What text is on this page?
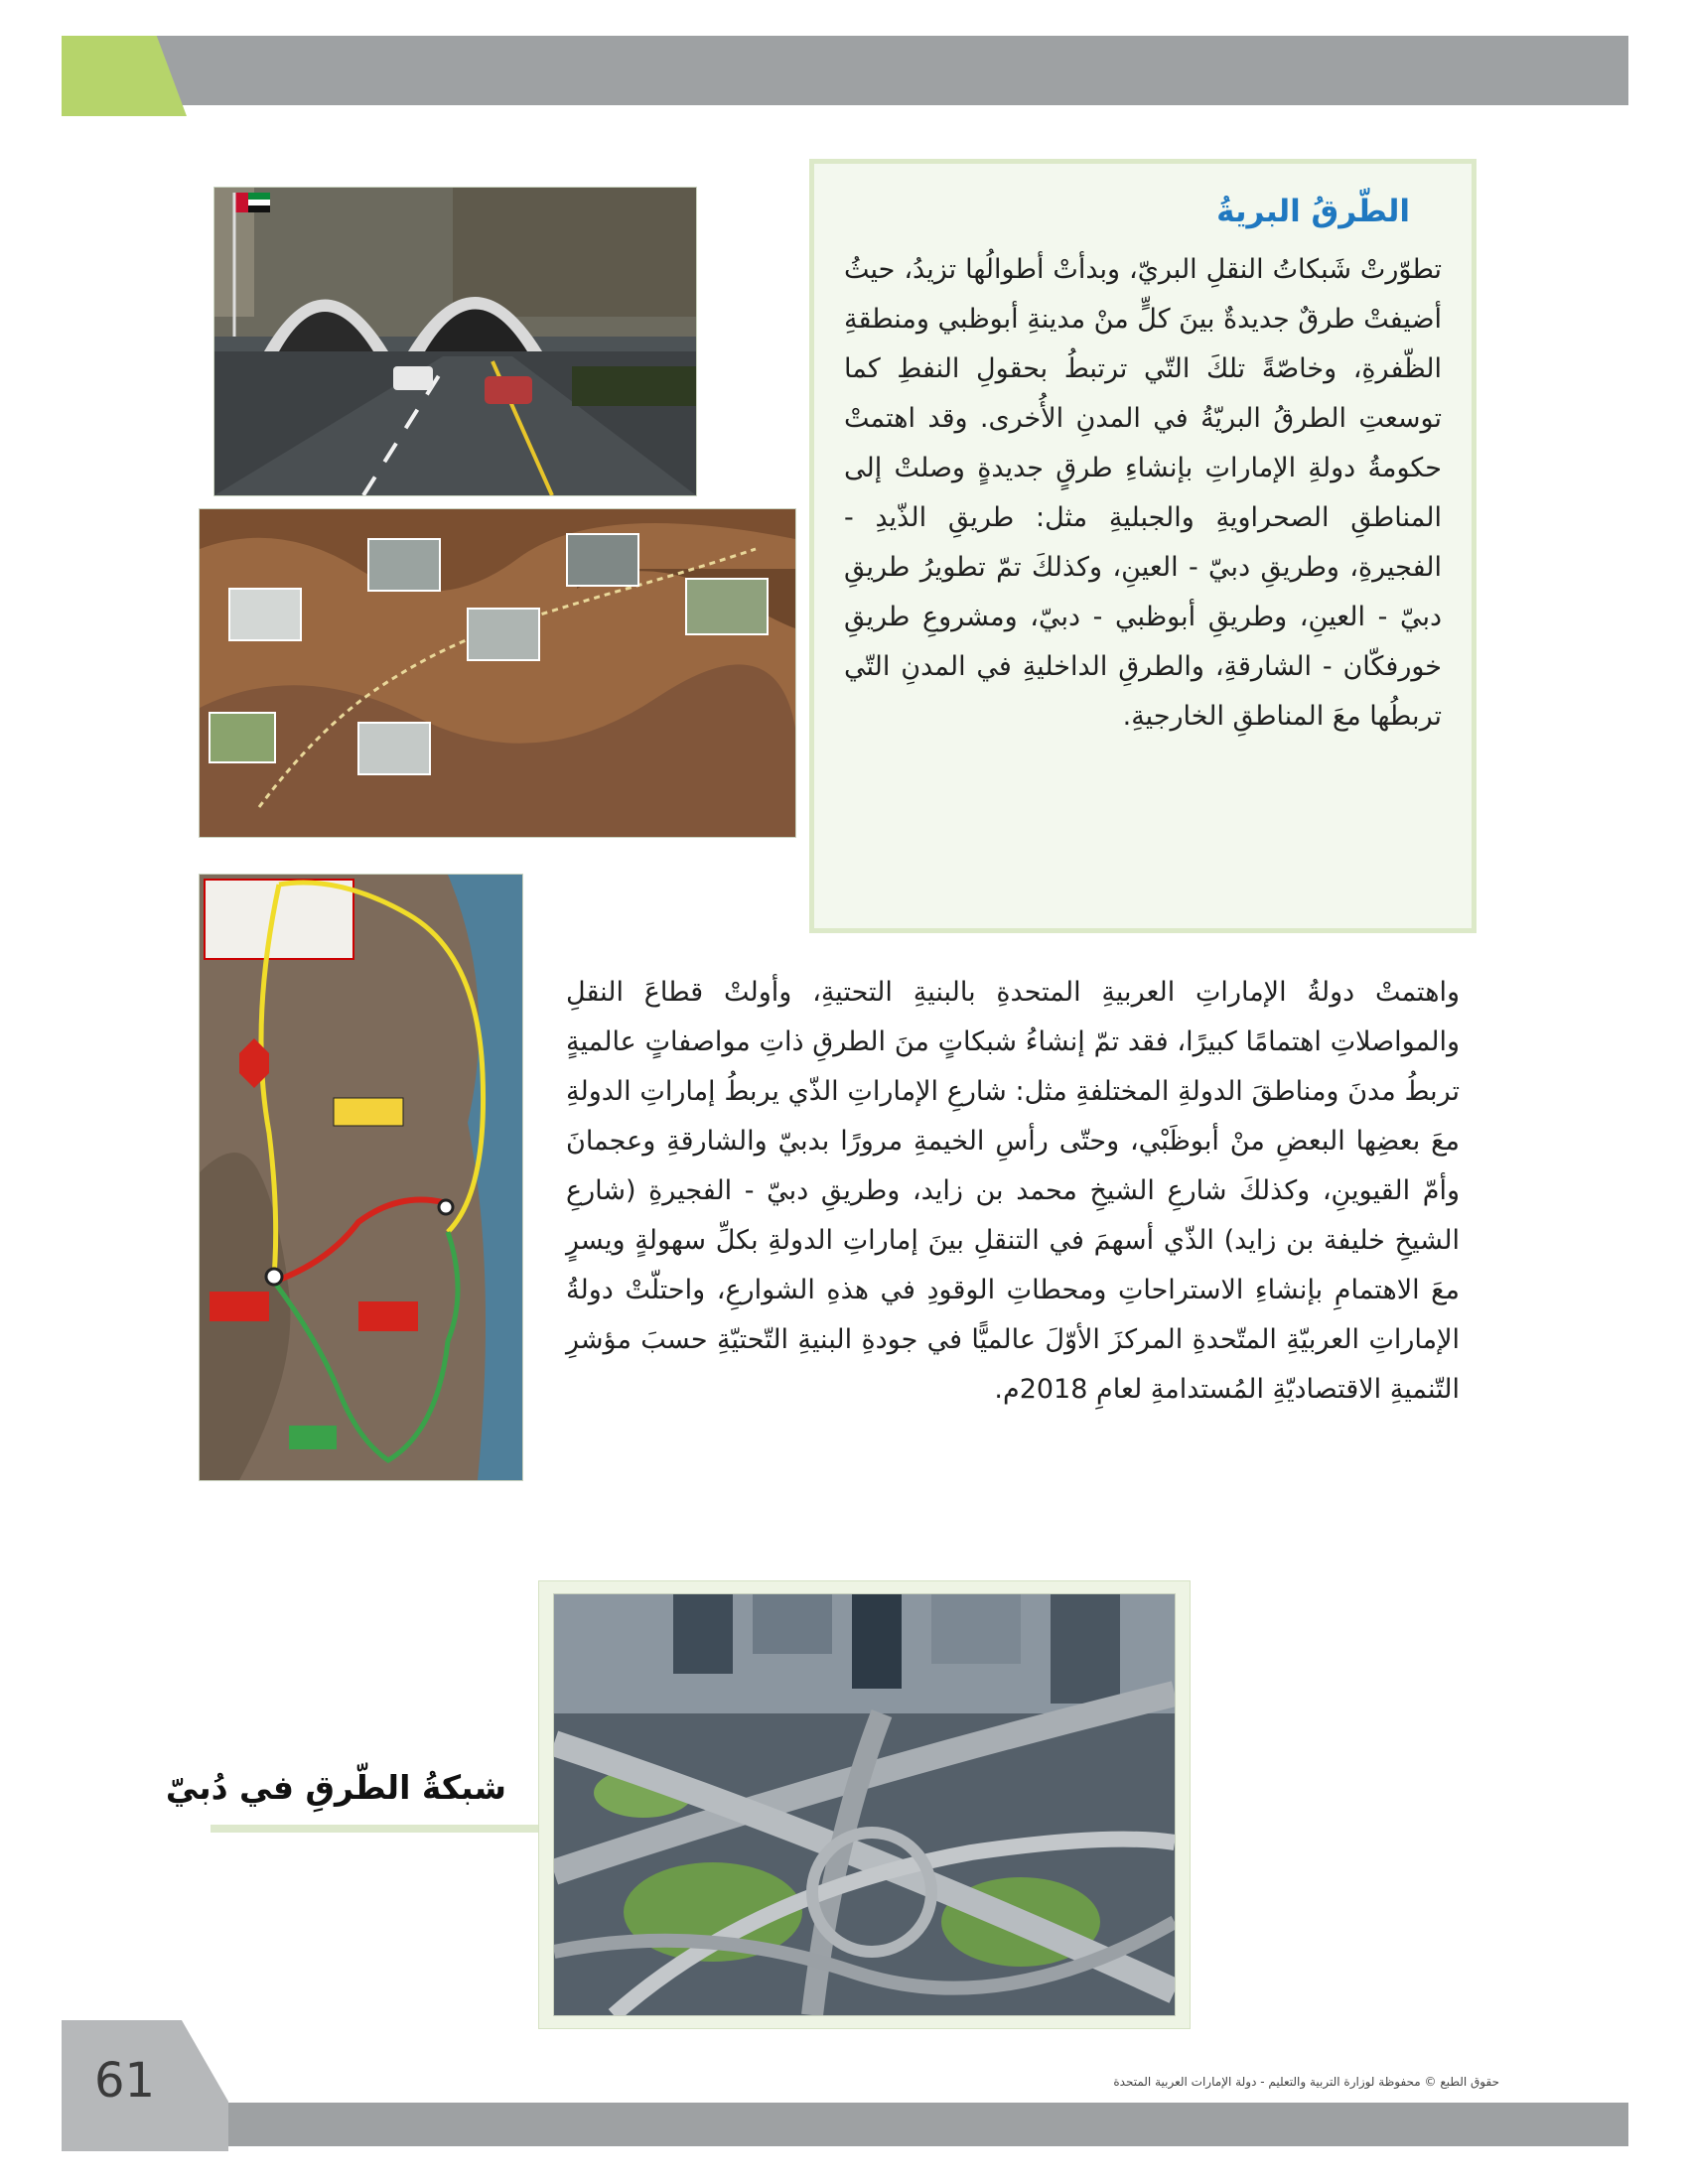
الطّرقُ البريةُ
تطوّرتْ شَبكاتُ النقلِ البريّ، وبدأتْ أطوالُها تزيدُ، حيثُ أضيفتْ طرقٌ جديدةٌ بينَ كلٍّ منْ مدينةِ أبوظبي ومنطقةِ الظّفرةِ، وخاصّةً تلكَ التّي ترتبطُ بحقولِ النفطِ كما توسعتِ الطرقُ البريّةُ في المدنِ الأُخرى. وقد اهتمتْ حكومةُ دولةِ الإماراتِ بإنشاءِ طرقٍ جديدةٍ وصلتْ إلى المناطقِ الصحراويةِ والجبليةِ مثل: طريقِ الذّيدِ - الفجيرةِ، وطريقِ دبيّ - العينِ، وكذلكَ تمّ تطويرُ طريقِ دبيّ - العينِ، وطريقِ أبوظبي - دبيّ، ومشروعِ طريقِ خورفكّان - الشارقةِ، والطرقِ الداخليةِ في المدنِ التّي تربطُها معَ المناطقِ الخارجيةِ.
واهتمتْ دولةُ الإماراتِ العربيةِ المتحدةِ بالبنيةِ التحتيةِ، وأولتْ قطاعَ النقلِ والمواصلاتِ اهتمامًا كبيرًا، فقد تمّ إنشاءُ شبكاتٍ منَ الطرقِ ذاتِ مواصفاتٍ عالميةٍ تربطُ مدنَ ومناطقَ الدولةِ المختلفةِ مثل: شارعِ الإماراتِ الذّي يربطُ إماراتِ الدولةِ معَ بعضِها البعضِ منْ أبوظَبْي، وحتّى رأسِ الخيمةِ مرورًا بدبيّ والشارقةِ وعجمانَ وأمّ القيوينِ، وكذلكَ شارعِ الشيخِ محمد بن زايد، وطريقِ دبيّ - الفجيرةِ (شارعِ الشيخِ خليفة بن زايد) الذّي أسهمَ في التنقلِ بينَ إماراتِ الدولةِ بكلِّ سهولةٍ ويسرٍ معَ الاهتمامِ بإنشاءِ الاستراحاتِ ومحطاتِ الوقودِ في هذهِ الشوارعِ، واحتلّتْ دولةُ الإماراتِ العربيّةِ المتّحدةِ المركزَ الأوّلَ عالميًّا في جودةِ البنيةِ التّحتيّةِ حسبَ مؤشرِ التّنميةِ الاقتصاديّةِ المُستدامةِ لعامِ 2018م.
شبكةُ الطّرقِ في دُبيّ
61	حقوق الطبع © محفوظة لوزارة التربية والتعليم - دولة الإمارات العربية المتحدة
